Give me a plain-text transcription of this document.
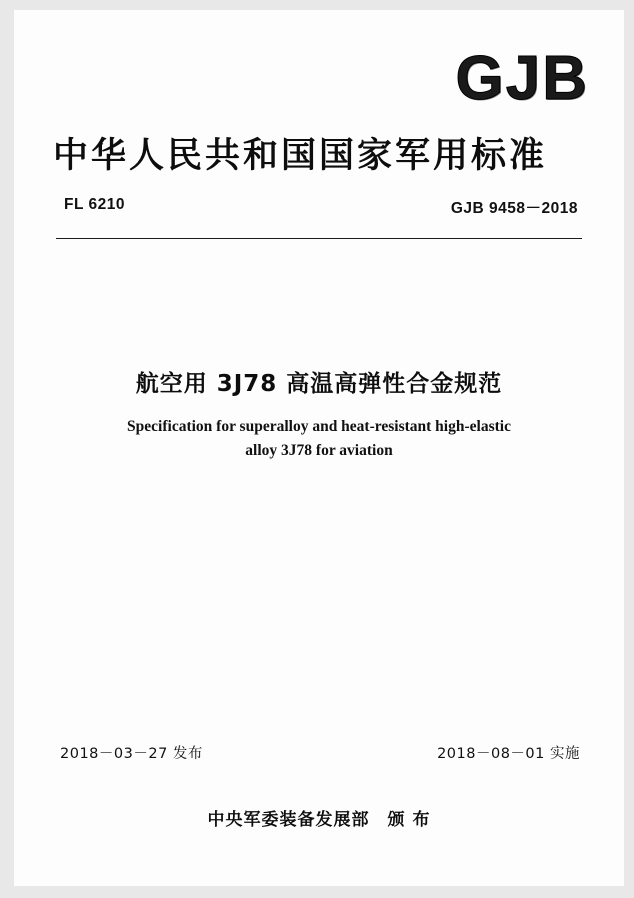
GJB
中华人民共和国国家军用标准
FL 6210	GJB 9458－2018
航空用 3J78 高温高弹性合金规范
Specification for superalloy and heat-resistant high-elastic
alloy 3J78 for aviation
2018－03－27 发布	2018－08－01 实施
中央军委装备发展部　颁 布
